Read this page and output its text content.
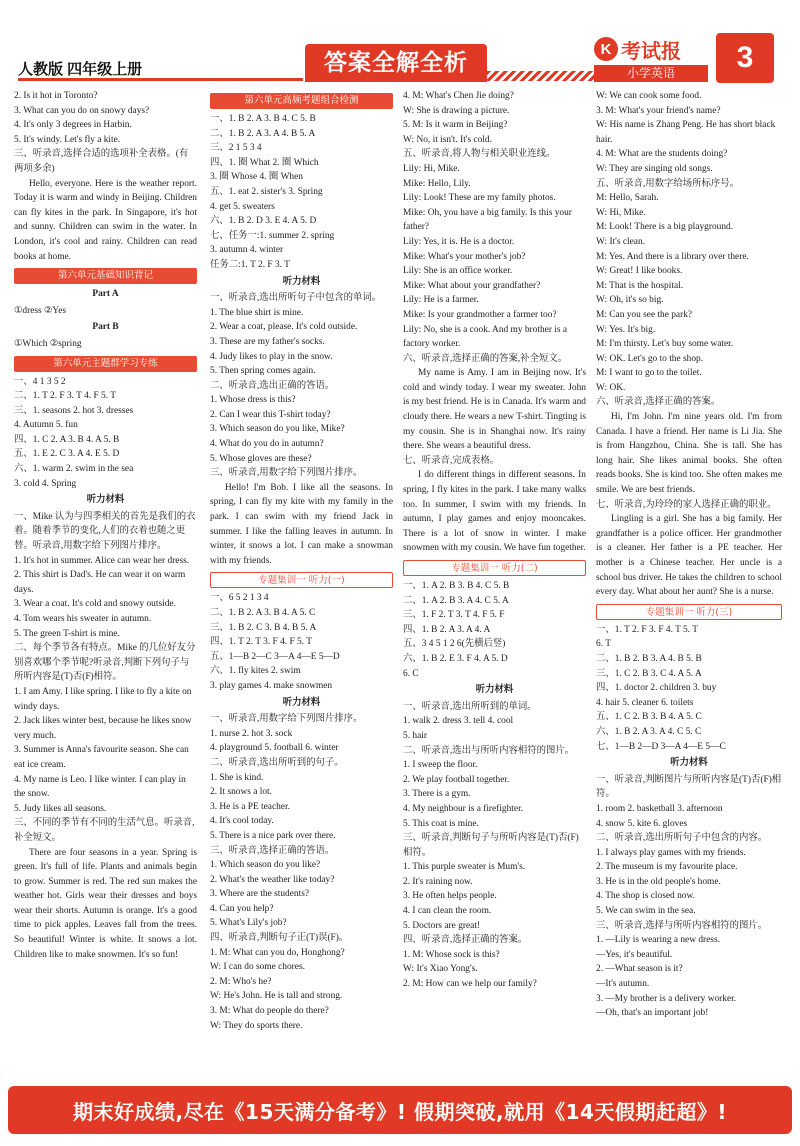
人教版 四年级上册	答案全解全析
K 考试报
小学英语	3
2. Is it hot in Toronto?
3. What can you do on snowy days?
4. It's only 3 degrees in Harbin.
5. It's windy. Let's fly a kite.
三、听录音,选择合适的选项补全表格。(有两项多余)
Hello, everyone. Here is the weather report. Today it is warm and windy in Beijing. Children can fly kites in the park. In Singapore, it's hot and sunny. Children can swim in the water. In London, it's cool and rainy. Children can read books at home.
第六单元基础知识背记
Part A
①dress ②Yes
Part B
①Which ②spring
第六单元主题群学习专练
一、4 1 3 5 2
二、1. T 2. F 3. T 4. F 5. T
三、1. seasons 2. hot 3. dresses
4. Autumn 5. fun
四、1. C 2. A 3. B 4. A 5. B
五、1. E 2. C 3. A 4. E 5. D
六、1. warm 2. swim in the sea
3. cold 4. Spring
听力材料
一、Mike 认为与四季相关的首先是我们的衣着。随着季节的变化,人们的衣着也随之更替。听录音,用数字给下列图片排序。
1. It's hot in summer. Alice can wear her dress.
2. This shirt is Dad's. He can wear it on warm days.
3. Wear a coat. It's cold and snowy outside.
4. Tom wears his sweater in autumn.
5. The green T-shirt is mine.
二、每个季节各有特点。Mike 的几位好友分别喜欢哪个季节呢?听录音,判断下列句子与所听内容是(T)否(F)相符。
1. I am Amy. I like spring. I like to fly a kite on windy days.
2. Jack likes winter best, because he likes snow very much.
3. Summer is Anna's favourite season. She can eat ice cream.
4. My name is Leo. I like winter. I can play in the snow.
5. Judy likes all seasons.
三、不同的季节有不同的生活气息。听录音,补全短文。
There are four seasons in a year. Spring is green. It's full of life. Plants and animals begin to grow. Summer is red. The red sun makes the weather hot. Girls wear their dresses and boys wear their shorts. Autumn is orange. It's a good time to pick apples. Leaves fall from the trees. So beautiful! Winter is white. It snows a lot. Children like to make snowmen. It's so fun!
第六单元高频考题组合检测
一、1. B 2. A 3. B 4. C 5. B
二、1. B 2. A 3. A 4. B 5. A
三、2 1 5 3 4
四、1. 圈 What 2. 圈 Which
3. 圈 Whose 4. 圈 When
五、1. eat 2. sister's 3. Spring
4. get 5. sweaters
六、1. B 2. D 3. E 4. A 5. D
七、任务一:1. summer 2. spring
3. autumn 4. winter
任务二:1. T 2. F 3. T
听力材料
一、听录音,选出所听句子中包含的单词。
1. The blue shirt is mine.
2. Wear a coat, please. It's cold outside.
3. These are my father's socks.
4. Judy likes to play in the snow.
5. Then spring comes again.
二、听录音,选出正确的答语。
1. Whose dress is this?
2. Can I wear this T-shirt today?
3. Which season do you like, Mike?
4. What do you do in autumn?
5. Whose gloves are these?
三、听录音,用数字给下列图片排序。
Hello! I'm Bob. I like all the seasons. In spring, I can fly my kite with my family in the park. I can swim with my friend Jack in summer. I like the falling leaves in autumn. In winter, it snows a lot. I can make a snowman with my friends.
专题集训一 听力(一)
一、6 5 2 1 3 4
二、1. B 2. A 3. B 4. A 5. C
三、1. B 2. C 3. B 4. B 5. A
四、1. T 2. T 3. F 4. F 5. T
五、1—B 2—C 3—A 4—E 5—D
六、1. fly kites 2. swim
3. play games 4. make snowmen
听力材料
一、听录音,用数字给下列图片排序。
1. nurse 2. hot 3. sock
4. playground 5. football 6. winter
二、听录音,选出所听到的句子。
1. She is kind.
2. It snows a lot.
3. He is a PE teacher.
4. It's cool today.
5. There is a nice park over there.
三、听录音,选择正确的答语。
1. Which season do you like?
2. What's the weather like today?
3. Where are the students?
4. Can you help?
5. What's Lily's job?
四、听录音,判断句子正(T)误(F)。
1. M: What can you do, Honghong?
W: I can do some chores.
2. M: Who's he?
W: He's John. He is tall and strong.
3. M: What do people do there?
W: They do sports there.
4. M: What's Chen Jie doing?
W: She is drawing a picture.
5. M: Is it warm in Beijing?
W: No, it isn't. It's cold.
五、听录音,将人物与相关职业连线。
Lily: Hi, Mike.
Mike: Hello, Lily.
Lily: Look! These are my family photos.
Mike: Oh, you have a big family. Is this your father?
Lily: Yes, it is. He is a doctor.
Mike: What's your mother's job?
Lily: She is an office worker.
Mike: What about your grandfather?
Lily: He is a farmer.
Mike: Is your grandmother a farmer too?
Lily: No, she is a cook. And my brother is a factory worker.
六、听录音,选择正确的答案,补全短文。
My name is Amy. I am in Beijing now. It's cold and windy today. I wear my sweater. John is my best friend. He is in Canada. It's warm and cloudy there. He wears a new T-shirt. Tingting is my cousin. She is in Shanghai now. It's rainy there. She wears a beautiful dress.
七、听录音,完成表格。
I do different things in different seasons. In spring, I fly kites in the park. I take many walks too. In summer, I swim with my friends. In autumn, I play games and enjoy mooncakes. There is a lot of snow in winter. I make snowmen with my cousin. We have fun together.
专题集训一 听力(二)
一、1. A 2. B 3. B 4. C 5. B
二、1. A 2. B 3. A 4. C 5. A
三、1. F 2. T 3. T 4. F 5. F
四、1. B 2. A 3. A 4. A
五、3 4 5 1 2 6(先横后竖)
六、1. B 2. E 3. F 4. A 5. D
6. C
听力材料
一、听录音,选出所听到的单词。
1. walk 2. dress 3. tell 4. cool
5. hair
二、听录音,选出与所听内容相符的图片。
1. I sweep the floor.
2. We play football together.
3. There is a gym.
4. My neighbour is a firefighter.
5. This coat is mine.
三、听录音,判断句子与所听内容是(T)否(F)相符。
1. This purple sweater is Mum's.
2. It's raining now.
3. He often helps people.
4. I can clean the room.
5. Doctors are great!
四、听录音,选择正确的答案。
1. M: Whose sock is this?
W: It's Xiao Yong's.
2. M: How can we help our family?
W: We can cook some food.
3. M: What's your friend's name?
W: His name is Zhang Peng. He has short black hair.
4. M: What are the students doing?
W: They are singing old songs.
五、听录音,用数字给场所标序号。
M: Hello, Sarah.
W: Hi, Mike.
M: Look! There is a big playground.
W: It's clean.
M: Yes. And there is a library over there.
W: Great! I like books.
M: That is the hospital.
W: Oh, it's so big.
M: Can you see the park?
W: Yes. It's big.
M: I'm thirsty. Let's buy some water.
W: OK. Let's go to the shop.
M: I want to go to the toilet.
W: OK.
六、听录音,选择正确的答案。
Hi, I'm John. I'm nine years old. I'm from Canada. I have a friend. Her name is Li Jia. She is from Hangzhou, China. She is tall. She has long hair. She likes animal books. She often reads books. She is kind too. She often makes me smile. We are best friends.
七、听录音,为玲玲的家人选择正确的职业。
Lingling is a girl. She has a big family. Her grandfather is a police officer. Her grandmother is a cleaner. Her father is a PE teacher. Her mother is a Chinese teacher. Her uncle is a school bus driver. He takes the children to school every day. What about her aunt? She is a nurse.
专题集训一 听力(三)
一、1. T 2. F 3. F 4. T 5. T
6. T
二、1. B 2. B 3. A 4. B 5. B
三、1. C 2. B 3. C 4. A 5. A
四、1. doctor 2. children 3. buy
4. hair 5. cleaner 6. toilets
五、1. C 2. B 3. B 4. A 5. C
六、1. B 2. A 3. A 4. C 5. C
七、1—B 2—D 3—A 4—E 5—C
听力材料
一、听录音,判断图片与所听内容是(T)否(F)相符。
1. room 2. basketball 3. afternoon
4. snow 5. kite 6. gloves
二、听录音,选出所听句子中包含的内容。
1. I always play games with my friends.
2. The museum is my favourite place.
3. He is in the old people's home.
4. The shop is closed now.
5. We can swim in the sea.
三、听录音,选择与所听内容相符的图片。
1. —Lily is wearing a new dress.
—Yes, it's beautiful.
2. —What season is it?
—It's autumn.
3. —My brother is a delivery worker.
—Oh, that's an important job!
期末好成绩,尽在《15天满分备考》! 假期突破,就用《14天假期赶超》!
